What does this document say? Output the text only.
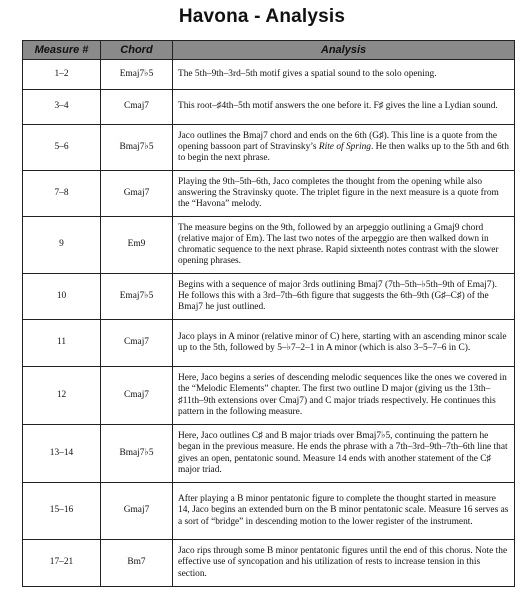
Havona - Analysis
Measure #	Chord	Analysis
1–2	Emaj7♭5	The 5th–9th–3rd–5th motif gives a spatial sound to the solo opening.
3–4	Cmaj7	This root–♯4th–5th motif answers the one before it. F♯ gives the line a Lydian sound.
5–6	Bmaj7♭5	Jaco outlines the Bmaj7 chord and ends on the 6th (G♯). This line is a quote from the opening bassoon part of Stravinsky’s Rite of Spring. He then walks up to the 5th and 6th to begin the next phrase.
7–8	Gmaj7	Playing the 9th–5th–6th, Jaco completes the thought from the opening while also answering the Stravinsky quote. The triplet figure in the next measure is a quote from the “Havona” melody.
9	Em9	The measure begins on the 9th, followed by an arpeggio outlining a Gmaj9 chord (relative major of Em). The last two notes of the arpeggio are then walked down in chromatic sequence to the next phrase. Rapid sixteenth notes contrast with the slower opening phrases.
10	Emaj7♭5	Begins with a sequence of major 3rds outlining Bmaj7 (7th–5th–♭5th–9th of Emaj7). He follows this with a 3rd–7th–6th figure that suggests the 6th–9th (G♯–C♯) of the Bmaj7 he just outlined.
11	Cmaj7	Jaco plays in A minor (relative minor of C) here, starting with an ascending minor scale up to the 5th, followed by 5–♭7–2–1 in A minor (which is also 3–5–7–6 in C).
12	Cmaj7	Here, Jaco begins a series of descending melodic sequences like the ones we covered in the “Melodic Elements” chapter. The first two outline D major (giving us the 13th–♯11th–9th extensions over Cmaj7) and C major triads respectively. He continues this pattern in the following measure.
13–14	Bmaj7♭5	Here, Jaco outlines C♯ and B major triads over Bmaj7♭5, continuing the pattern he began in the previous measure. He ends the phrase with a 7th–3rd–9th–7th–6th line that gives an open, pentatonic sound. Measure 14 ends with another statement of the C♯ major triad.
15–16	Gmaj7	After playing a B minor pentatonic figure to complete the thought started in measure 14, Jaco begins an extended burn on the B minor pentatonic scale. Measure 16 serves as a sort of “bridge” in descending motion to the lower register of the instrument.
17–21	Bm7	Jaco rips through some B minor pentatonic figures until the end of this chorus. Note the effective use of syncopation and his utilization of rests to increase tension in this section.
